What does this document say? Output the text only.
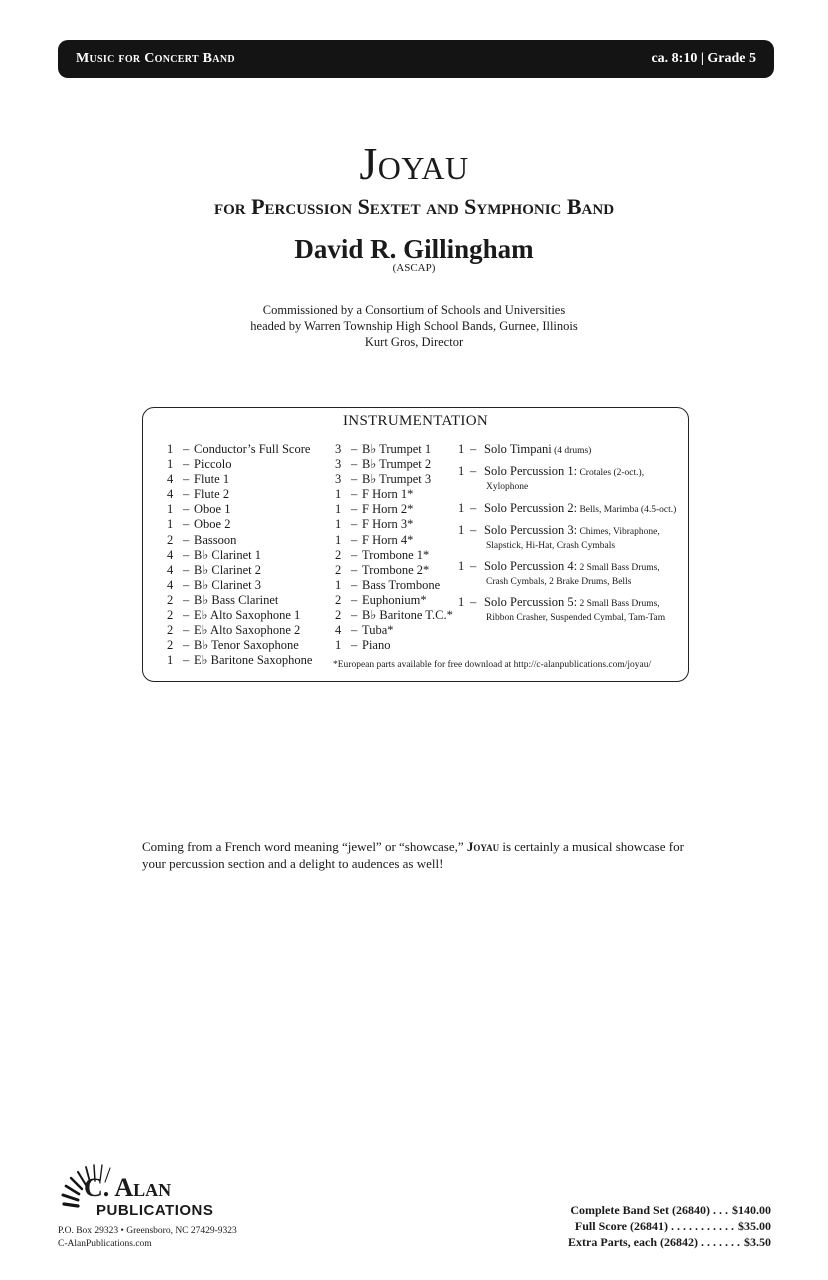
Music for Concert Band	ca. 8:10 | Grade 5
Joyau
for Percussion Sextet and Symphonic Band
David R. Gillingham
(ASCAP)
Commissioned by a Consortium of Schools and Universities
headed by Warren Township High School Bands, Gurnee, Illinois
Kurt Gros, Director
INSTRUMENTATION
1 – Conductor’s Full Score
1 – Piccolo
4 – Flute 1
4 – Flute 2
1 – Oboe 1
1 – Oboe 2
2 – Bassoon
4 – B♭ Clarinet 1
4 – B♭ Clarinet 2
4 – B♭ Clarinet 3
2 – B♭ Bass Clarinet
2 – E♭ Alto Saxophone 1
2 – E♭ Alto Saxophone 2
2 – B♭ Tenor Saxophone
1 – E♭ Baritone Saxophone
3 – B♭ Trumpet 1
3 – B♭ Trumpet 2
3 – B♭ Trumpet 3
1 – F Horn 1*
1 – F Horn 2*
1 – F Horn 3*
1 – F Horn 4*
2 – Trombone 1*
2 – Trombone 2*
1 – Bass Trombone
2 – Euphonium*
2 – B♭ Baritone T.C.*
4 – Tuba*
1 – Piano
1 – Solo Timpani (4 drums)
1 – Solo Percussion 1: Crotales (2-oct.),
Xylophone
1 – Solo Percussion 2: Bells, Marimba (4.5-oct.)
1 – Solo Percussion 3: Chimes, Vibraphone,
Slapstick, Hi-Hat, Crash Cymbals
1 – Solo Percussion 4: 2 Small Bass Drums,
Crash Cymbals, 2 Brake Drums, Bells
1 – Solo Percussion 5: 2 Small Bass Drums,
Ribbon Crasher, Suspended Cymbal, Tam-Tam
*European parts available for free download at http://c-alanpublications.com/joyau/
Coming from a French word meaning “jewel” or “showcase,” Joyau is certainly a musical showcase for your percussion section and a delight to audences as well!
C. Alan
PUBLICATIONS
P.O. Box 29323 • Greensboro, NC 27429-9323
C-AlanPublications.com
Complete Band Set (26840) . . . $140.00
Full Score (26841) . . . . . . . . . . . $35.00
Extra Parts, each (26842) . . . . . . . $3.50
